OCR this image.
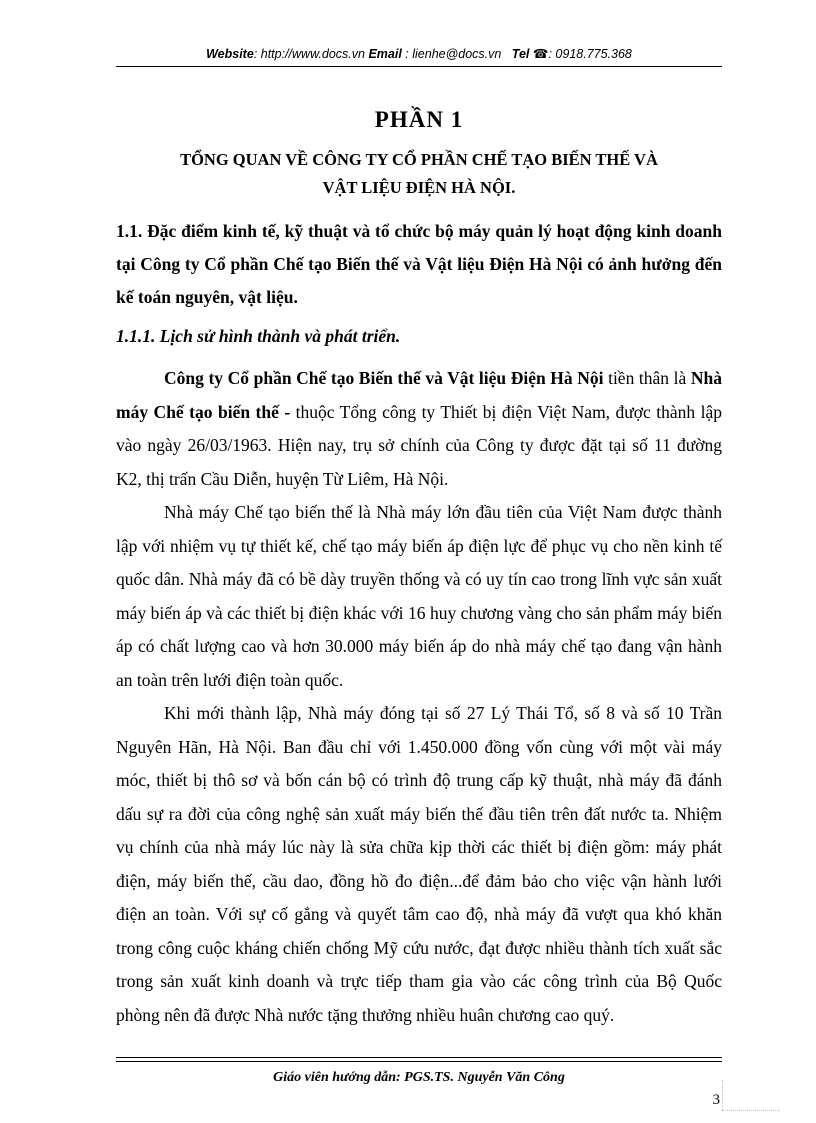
Website: http://www.docs.vn Email : lienhe@docs.vn Tel ☎: 0918.775.368
PHẦN 1
TỔNG QUAN VỀ CÔNG TY CỔ PHẦN CHẾ TẠO BIẾN THẾ VÀ
VẬT LIỆU ĐIỆN HÀ NỘI.
1.1. Đặc điểm kinh tế, kỹ thuật và tổ chức bộ máy quản lý hoạt động kinh doanh tại Công ty Cổ phần Chế tạo Biến thế và Vật liệu Điện Hà Nội có ảnh hưởng đến kế toán nguyên, vật liệu.
1.1.1. Lịch sử hình thành và phát triển.

Công ty Cổ phần Chế tạo Biến thế và Vật liệu Điện Hà Nội tiền thân là Nhà máy Chế tạo biến thế - thuộc Tổng công ty Thiết bị điện Việt Nam, được thành lập vào ngày 26/03/1963. Hiện nay, trụ sở chính của Công ty được đặt tại số 11 đường K2, thị trấn Cầu Diễn, huyện Từ Liêm, Hà Nội.

Nhà máy Chế tạo biến thế là Nhà máy lớn đầu tiên của Việt Nam được thành lập với nhiệm vụ tự thiết kế, chế tạo máy biến áp điện lực để phục vụ cho nền kinh tế quốc dân. Nhà máy đã có bề dày truyền thống và có uy tín cao trong lĩnh vực sản xuất máy biến áp và các thiết bị điện khác với 16 huy chương vàng cho sản phẩm máy biến áp có chất lượng cao và hơn 30.000 máy biến áp do nhà máy chế tạo đang vận hành an toàn trên lưới điện toàn quốc.

Khi mới thành lập, Nhà máy đóng tại số 27 Lý Thái Tổ, số 8 và số 10 Trần Nguyên Hãn, Hà Nội. Ban đầu chỉ với 1.450.000 đồng vốn cùng với một vài máy móc, thiết bị thô sơ và bốn cán bộ có trình độ trung cấp kỹ thuật, nhà máy đã đánh dấu sự ra đời của công nghệ sản xuất máy biến thế đầu tiên trên đất nước ta. Nhiệm vụ chính của nhà máy lúc này là sửa chữa kịp thời các thiết bị điện gồm: máy phát điện, máy biến thế, cầu dao, đồng hồ đo điện...để đảm bảo cho việc vận hành lưới điện an toàn. Với sự cố gắng và quyết tâm cao độ, nhà máy đã vượt qua khó khăn trong công cuộc kháng chiến chống Mỹ cứu nước, đạt được nhiều thành tích xuất sắc trong sản xuất kinh doanh và trực tiếp tham gia vào các công trình của Bộ Quốc phòng nên đã được Nhà nước tặng thưởng nhiều huân chương cao quý.

Giáo viên hướng dẫn: PGS.TS. Nguyễn Văn Công
3
